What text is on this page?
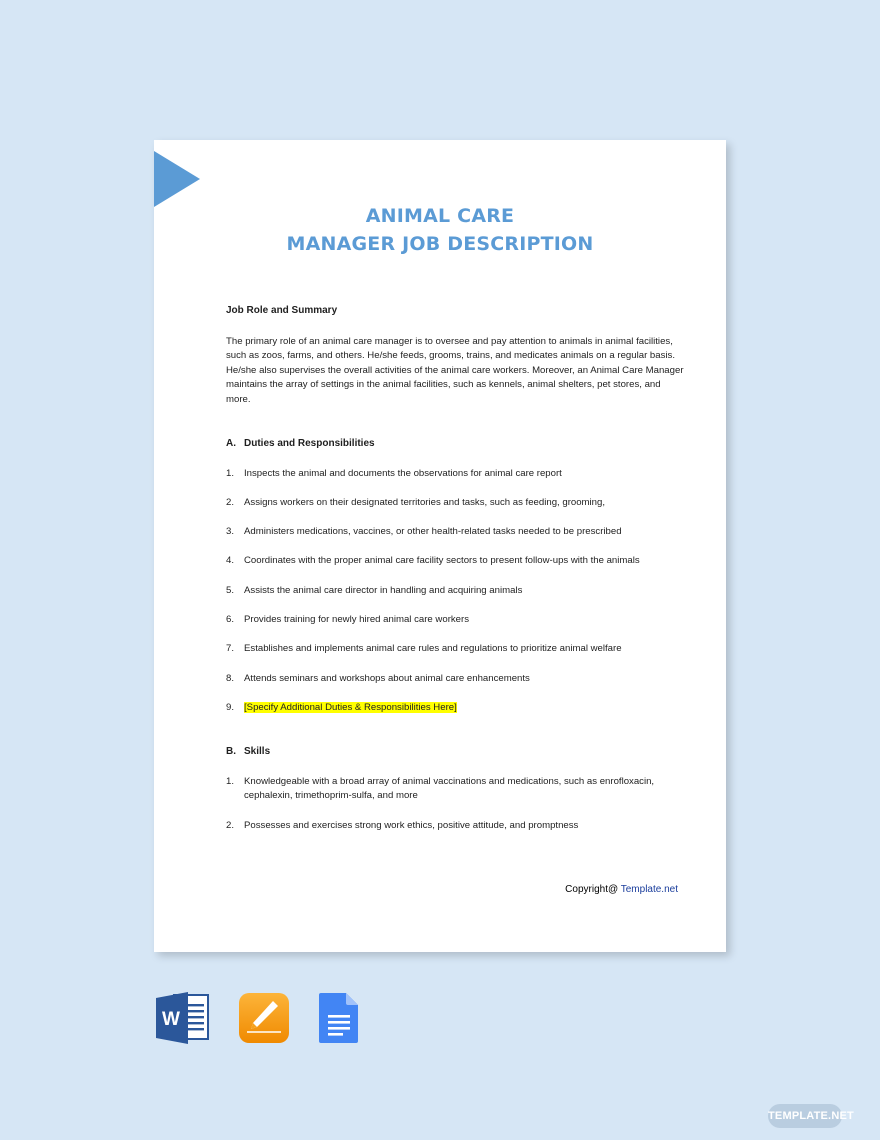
ANIMAL CARE
MANAGER JOB DESCRIPTION
Job Role and Summary
The primary role of an animal care manager is to oversee and pay attention to animals in animal facilities, such as zoos, farms, and others. He/she feeds, grooms, trains, and medicates animals on a regular basis. He/she also supervises the overall activities of the animal care workers. Moreover, an Animal Care Manager maintains the array of settings in the animal facilities, such as kennels, animal shelters, pet stores, and more.
A. Duties and Responsibilities
1.	Inspects the animal and documents the observations for animal care report
2.	Assigns workers on their designated territories and tasks, such as feeding, grooming,
3.	Administers medications, vaccines, or other health-related tasks needed to be prescribed
4.	Coordinates with the proper animal care facility sectors to present follow-ups with the animals
5.	Assists the animal care director in handling and acquiring animals
6.	Provides training for newly hired animal care workers
7.	Establishes and implements animal care rules and regulations to prioritize animal welfare
8.	Attends seminars and workshops about animal care enhancements
9.	[Specify Additional Duties & Responsibilities Here]
B. Skills
1.	Knowledgeable with a broad array of animal vaccinations and medications, such as enrofloxacin, cephalexin, trimethoprim-sulfa, and more
2.	Possesses and exercises strong work ethics, positive attitude, and promptness
Copyright@ Template.net
W
TEMPLATE.NET
